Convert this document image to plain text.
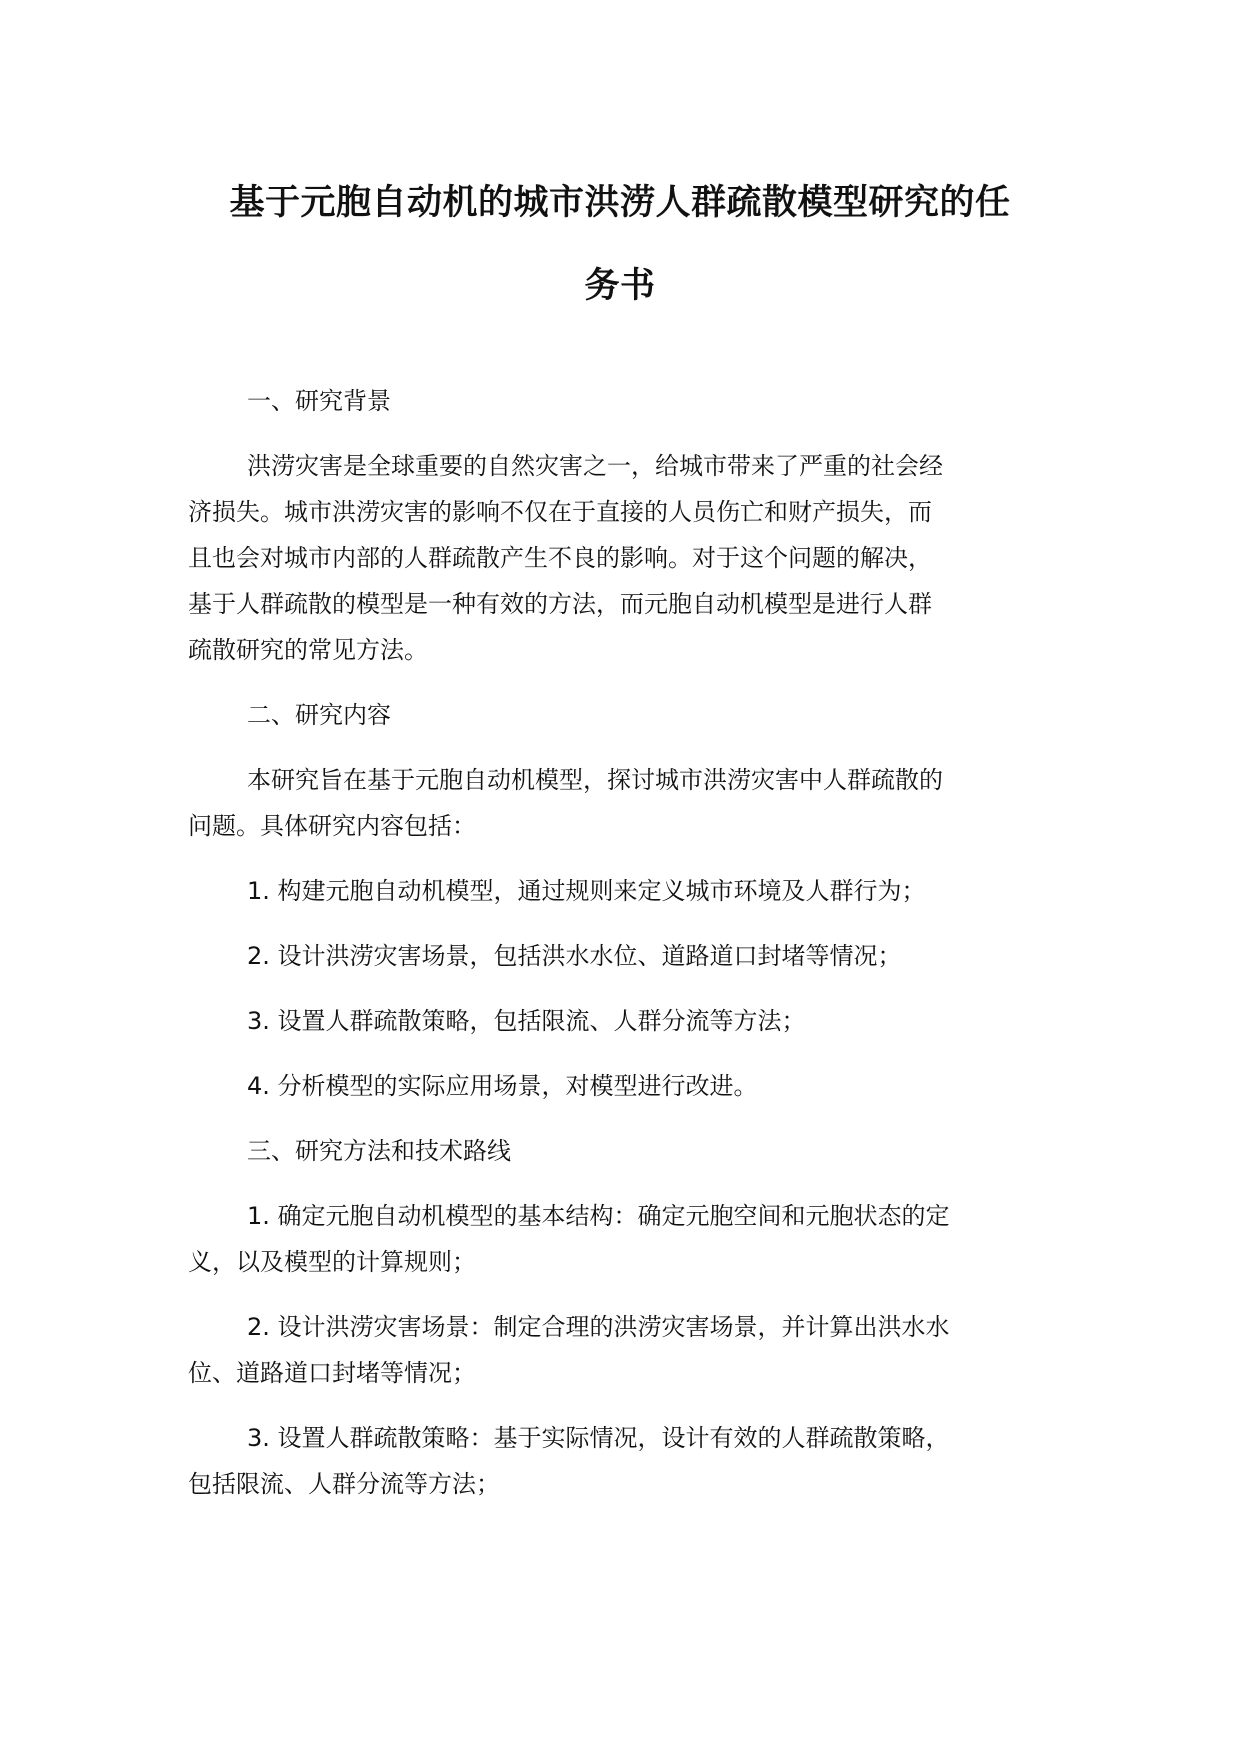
基于元胞自动机的城市洪涝人群疏散模型研究的任
务书
一、研究背景
洪涝灾害是全球重要的自然灾害之一，给城市带来了严重的社会经
济损失。城市洪涝灾害的影响不仅在于直接的人员伤亡和财产损失，而
且也会对城市内部的人群疏散产生不良的影响。对于这个问题的解决，
基于人群疏散的模型是一种有效的方法，而元胞自动机模型是进行人群
疏散研究的常见方法。
二、研究内容
本研究旨在基于元胞自动机模型，探讨城市洪涝灾害中人群疏散的
问题。具体研究内容包括：
1. 构建元胞自动机模型，通过规则来定义城市环境及人群行为；
2. 设计洪涝灾害场景，包括洪水水位、道路道口封堵等情况；
3. 设置人群疏散策略，包括限流、人群分流等方法；
4. 分析模型的实际应用场景，对模型进行改进。
三、研究方法和技术路线
1. 确定元胞自动机模型的基本结构：确定元胞空间和元胞状态的定
义，以及模型的计算规则；
2. 设计洪涝灾害场景：制定合理的洪涝灾害场景，并计算出洪水水
位、道路道口封堵等情况；
3. 设置人群疏散策略：基于实际情况，设计有效的人群疏散策略，
包括限流、人群分流等方法；
